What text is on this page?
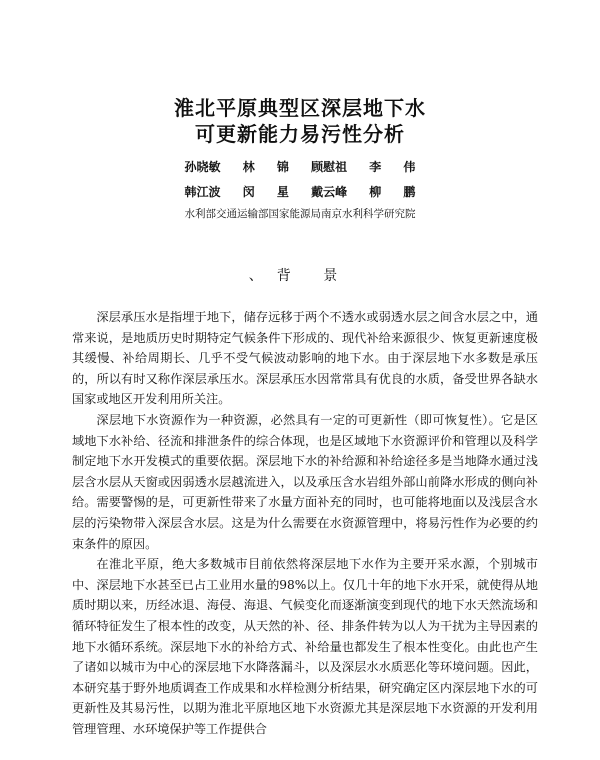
淮北平原典型区深层地下水
可更新能力易污性分析
孙晓敏 林 锦 顾慰祖 李 伟
韩江波 闵 星 戴云峰 柳 鹏
水利部交通运输部国家能源局南京水利科学研究院
、背 景

深层承压水是指埋于地下，储存远移于两个不透水或弱透水层之间含水层之中，通常来说，是地质历史时期特定气候条件下形成的、现代补给来源很少、恢复更新速度极其缓慢、补给周期长、几乎不受气候波动影响的地下水。由于深层地下水多数是承压的，所以有时又称作深层承压水。深层承压水因常常具有优良的水质，备受世界各缺水国家或地区开发利用所关注。

深层地下水资源作为一种资源，必然具有一定的可更新性（即可恢复性）。它是区域地下水补给、径流和排泄条件的综合体现，也是区域地下水资源评价和管理以及科学制定地下水开发模式的重要依据。深层地下水的补给源和补给途径多是当地降水通过浅层含水层从天窗或因弱透水层越流进入，以及承压含水岩组外部山前降水形成的侧向补给。需要警惕的是，可更新性带来了水量方面补充的同时，也可能将地面以及浅层含水层的污染物带入深层含水层。这是为什么需要在水资源管理中，将易污性作为必要的约束条件的原因。

在淮北平原，绝大多数城市目前依然将深层地下水作为主要开采水源，个别城市中、深层地下水甚至已占工业用水量的98%以上。仅几十年的地下水开采，就使得从地质时期以来，历经冰退、海侵、海退、气候变化而逐渐演变到现代的地下水天然流场和循环特征发生了根本性的改变，从天然的补、径、排条件转为以人为干扰为主导因素的地下水循环系统。深层地下水的补给方式、补给量也都发生了根本性变化。由此也产生了诸如以城市为中心的深层地下水降落漏斗，以及深层水水质恶化等环境问题。因此，本研究基于野外地质调查工作成果和水样检测分析结果，研究确定区内深层地下水的可更新性及其易污性，以期为淮北平原地区地下水资源尤其是深层地下水资源的开发利用管理管理、水环境保护等工作提供合
